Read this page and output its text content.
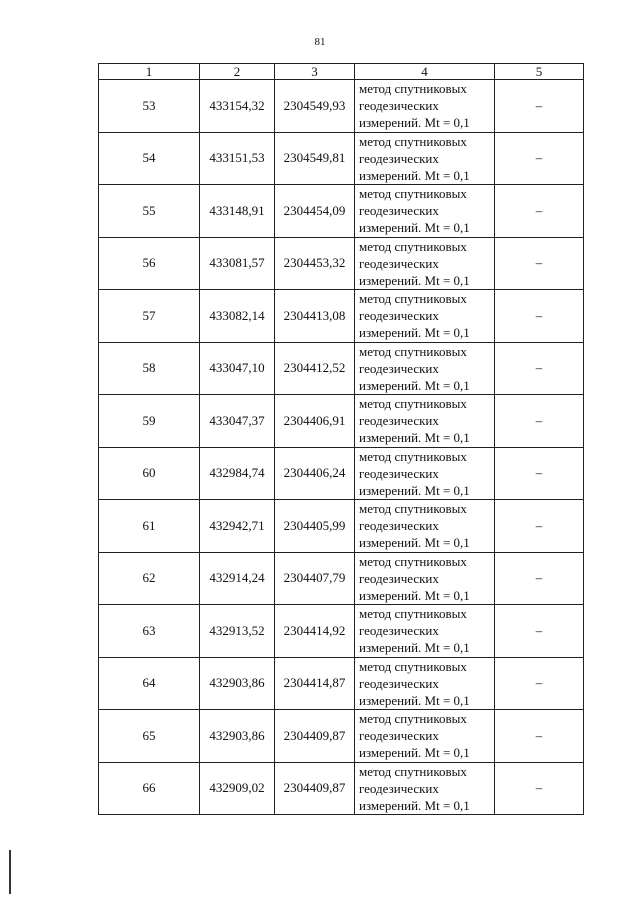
81
1	2	3	4	5
53	433154,32	2304549,93	метод спутниковых
геодезических
измерений. Mt = 0,1	–
54	433151,53	2304549,81	метод спутниковых
геодезических
измерений. Mt = 0,1	–
55	433148,91	2304454,09	метод спутниковых
геодезических
измерений. Mt = 0,1	–
56	433081,57	2304453,32	метод спутниковых
геодезических
измерений. Mt = 0,1	–
57	433082,14	2304413,08	метод спутниковых
геодезических
измерений. Mt = 0,1	–
58	433047,10	2304412,52	метод спутниковых
геодезических
измерений. Mt = 0,1	–
59	433047,37	2304406,91	метод спутниковых
геодезических
измерений. Mt = 0,1	–
60	432984,74	2304406,24	метод спутниковых
геодезических
измерений. Mt = 0,1	–
61	432942,71	2304405,99	метод спутниковых
геодезических
измерений. Mt = 0,1	–
62	432914,24	2304407,79	метод спутниковых
геодезических
измерений. Mt = 0,1	–
63	432913,52	2304414,92	метод спутниковых
геодезических
измерений. Mt = 0,1	–
64	432903,86	2304414,87	метод спутниковых
геодезических
измерений. Mt = 0,1	–
65	432903,86	2304409,87	метод спутниковых
геодезических
измерений. Mt = 0,1	–
66	432909,02	2304409,87	метод спутниковых
геодезических
измерений. Mt = 0,1	–
